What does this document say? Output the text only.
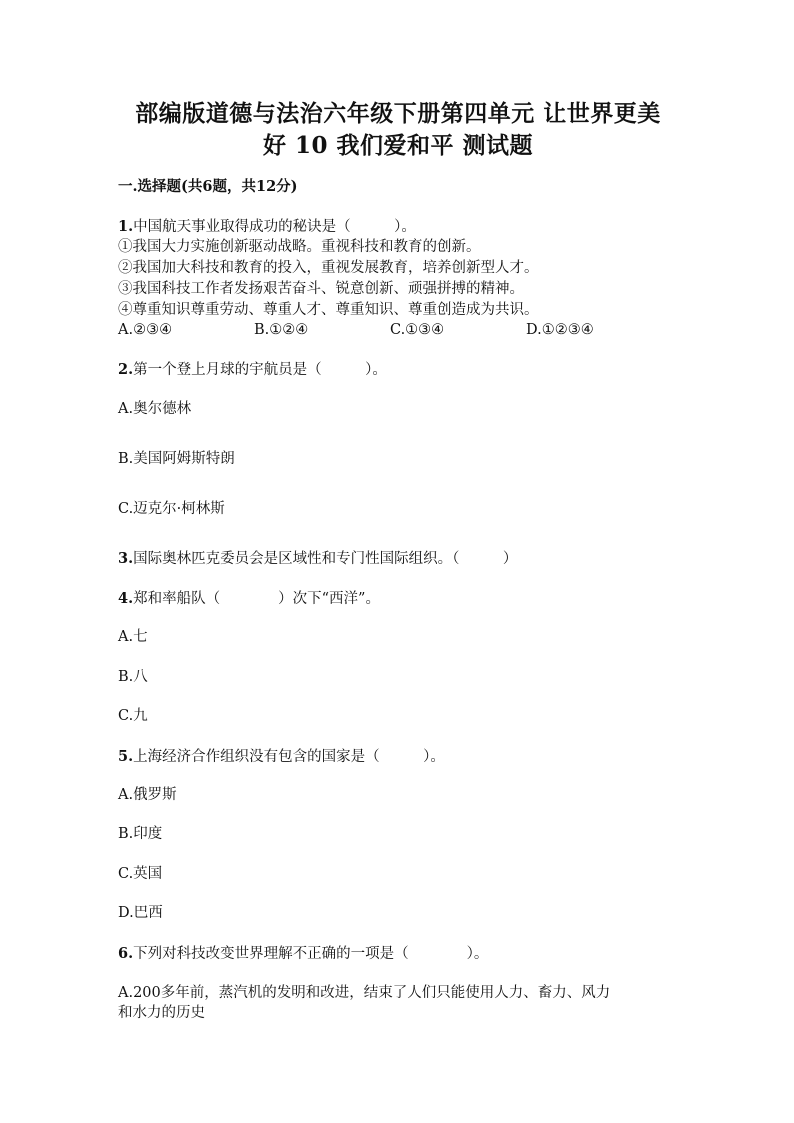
部编版道德与法治六年级下册第四单元 让世界更美
好 10 我们爱和平 测试题
一.选择题(共6题，共12分)
1.中国航天事业取得成功的秘诀是（　　　）。
①我国大力实施创新驱动战略。重视科技和教育的创新。
②我国加大科技和教育的投入，重视发展教育，培养创新型人才。
③我国科技工作者发扬艰苦奋斗、锐意创新、顽强拼搏的精神。
④尊重知识尊重劳动、尊重人才、尊重知识、尊重创造成为共识。
A.②③④	B.①②④	C.①③④	D.①②③④
2.第一个登上月球的宇航员是（　　　）。
A.奥尔德林
B.美国阿姆斯特朗
C.迈克尔·柯林斯
3.国际奥林匹克委员会是区域性和专门性国际组织。（　　　）
4.郑和率船队（　　　　）次下“西洋”。
A.七
B.八
C.九
5.上海经济合作组织没有包含的国家是（　　　）。
A.俄罗斯
B.印度
C.英国
D.巴西
6.下列对科技改变世界理解不正确的一项是（　　　　）。
A.200多年前，蒸汽机的发明和改进，结束了人们只能使用人力、畜力、风力
和水力的历史
